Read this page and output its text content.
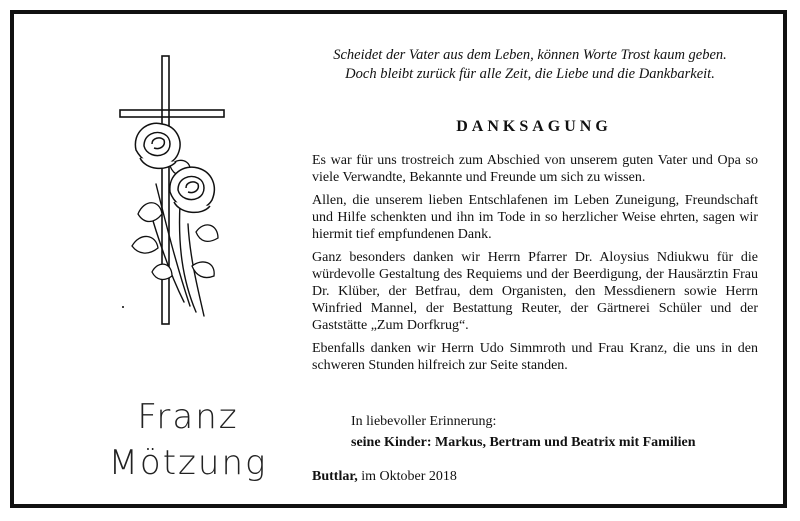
Scheidet der Vater aus dem Leben, können Worte Trost kaum geben.
Doch bleibt zurück für alle Zeit, die Liebe und die Dankbarkeit.
DANKSAGUNG

Es war für uns trostreich zum Abschied von unserem guten Vater und Opa so viele Verwandte, Bekannte und Freunde um sich zu wissen.

Allen, die unserem lieben Entschlafenen im Leben Zuneigung, Freundschaft und Hilfe schenkten und ihn im Tode in so herzlicher Weise ehrten, sagen wir hiermit tief empfundenen Dank.

Ganz besonders danken wir Herrn Pfarrer Dr. Aloysius Ndiukwu für die würdevolle Gestaltung des Requiems und der Beerdigung, der Hausärztin Frau Dr. Klüber, der Betfrau, dem Organisten, den Messdienern sowie Herrn Winfried Mannel, der Bestattung Reuter, der Gärtnerei Schüler und der Gaststätte „Zum Dorfkrug“.

Ebenfalls danken wir Herrn Udo Simmroth und Frau Kranz, die uns in den schweren Stunden hilfreich zur Seite standen.

Franz
Mötzung
In liebevoller Erinnerung:
seine Kinder: Markus, Bertram und Beatrix mit Familien
Buttlar, im Oktober 2018
